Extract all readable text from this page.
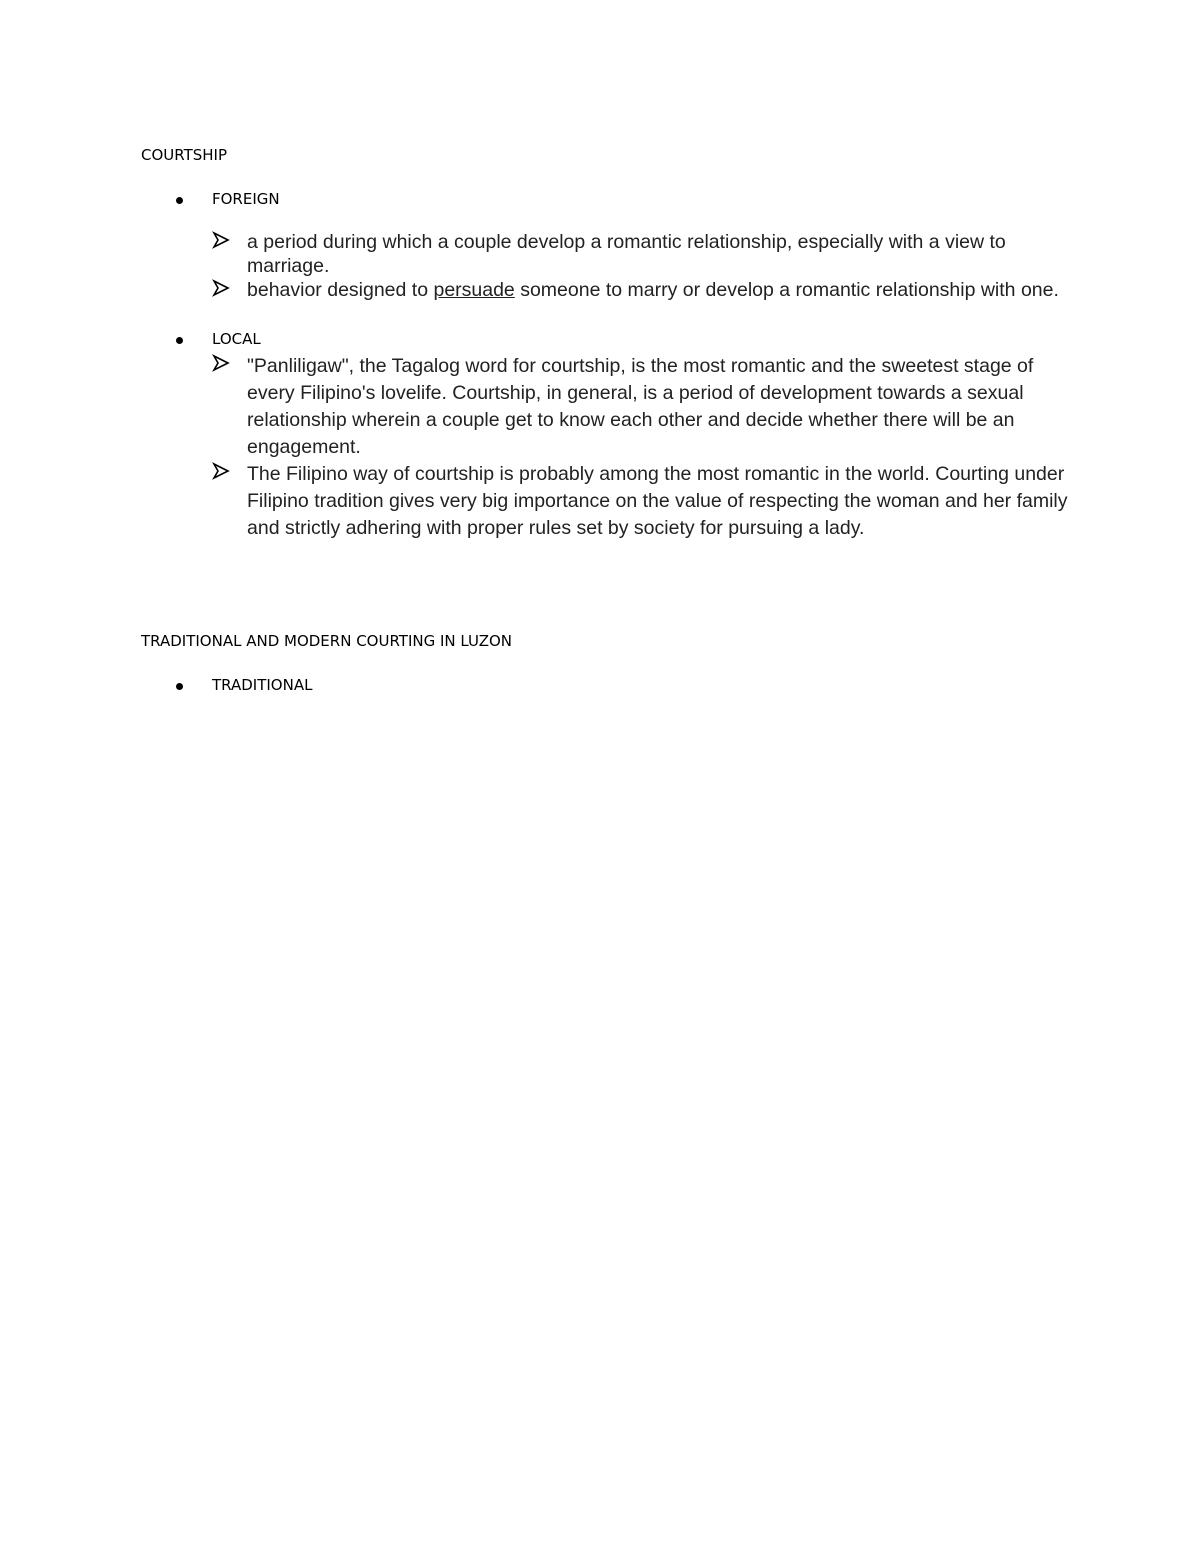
COURTSHIP
FOREIGN
a period during which a couple develop a romantic relationship, especially with a view to marriage.
behavior designed to persuade someone to marry or develop a romantic relationship with one.
LOCAL
"Panliligaw", the Tagalog word for courtship, is the most romantic and the sweetest stage of every Filipino's lovelife. Courtship, in general, is a period of development towards a sexual relationship wherein a couple get to know each other and decide whether there will be an engagement.
The Filipino way of courtship is probably among the most romantic in the world. Courting under Filipino tradition gives very big importance on the value of respecting the woman and her family and strictly adhering with proper rules set by society for pursuing a lady.
TRADITIONAL AND MODERN COURTING IN LUZON
TRADITIONAL
